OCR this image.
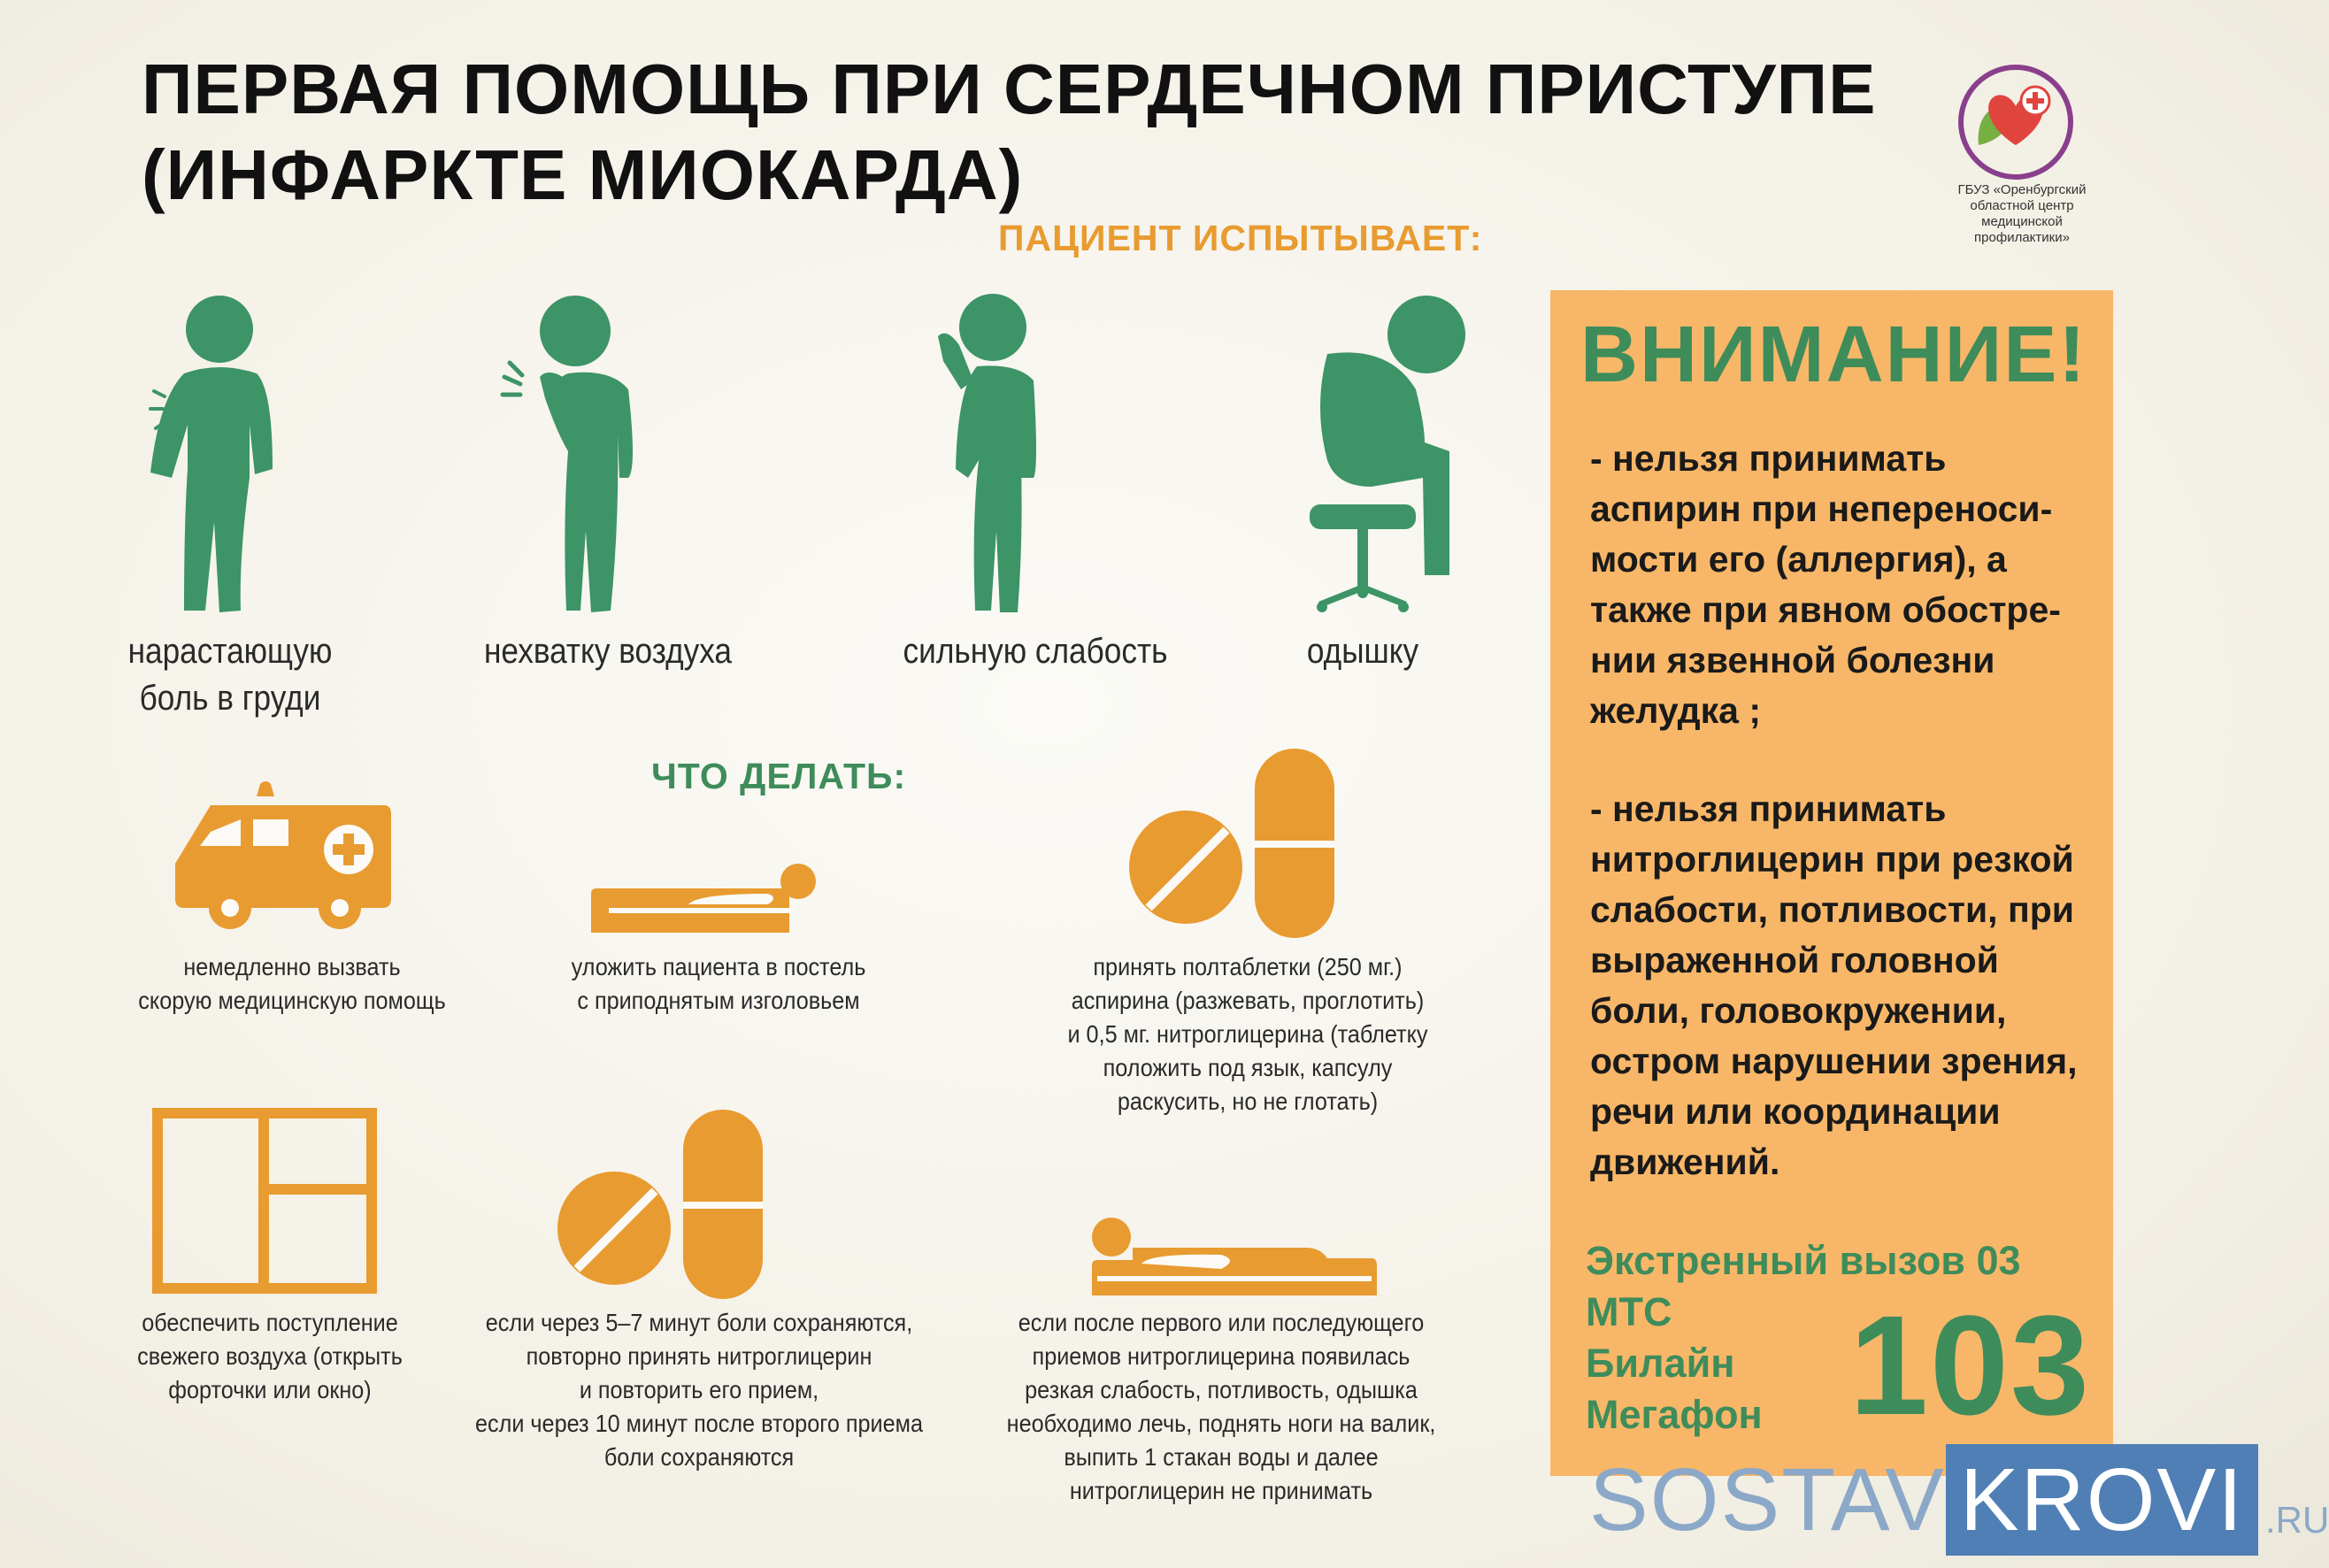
ПЕРВАЯ ПОМОЩЬ ПРИ СЕРДЕЧНОМ ПРИСТУПЕ
(ИНФАРКТЕ МИОКАРДА)	ГБУЗ «Оренбургский
областной центр
медицинской
профилактики»
ПАЦИЕНТ ИСПЫТЫВАЕТ:
нарастающую
боль в груди
нехватку воздуха	сильную слабость	одышку
ЧТО ДЕЛАТЬ:
немедленно вызвать
скорую медицинскую помощь
уложить пациента в постель
с приподнятым изголовьем
принять полтаблетки (250 мг.)
аспирина (разжевать, проглотить)
и 0,5 мг. нитроглицерина (таблетку
положить под язык, капсулу
раскусить, но не глотать)
обеспечить поступление
свежего воздуха (открыть
форточки или окно)
если через 5–7 минут боли сохраняются,
повторно принять нитроглицерин
и повторить его прием,
если через 10 минут после второго приема
боли сохраняются
если после первого или последующего
приемов нитроглицерина появилась
резкая слабость, потливость, одышка
необходимо лечь, поднять ноги на валик,
выпить 1 стакан воды и далее
нитроглицерин не принимать
ВНИМАНИЕ!
- нельзя принимать
аспирин при непереноси-
мости его (аллергия), а
также при явном обостре-
нии язвенной болезни
желудка ;
- нельзя принимать
нитроглицерин при резкой
слабости, потливости, при
выраженной головной
боли, головокружении,
остром нарушении зрения,
речи или координации
движений.
Экстренный вызов 03
МТС
Билайн
Мегафон 103
SOSTAV KROVI .RU
